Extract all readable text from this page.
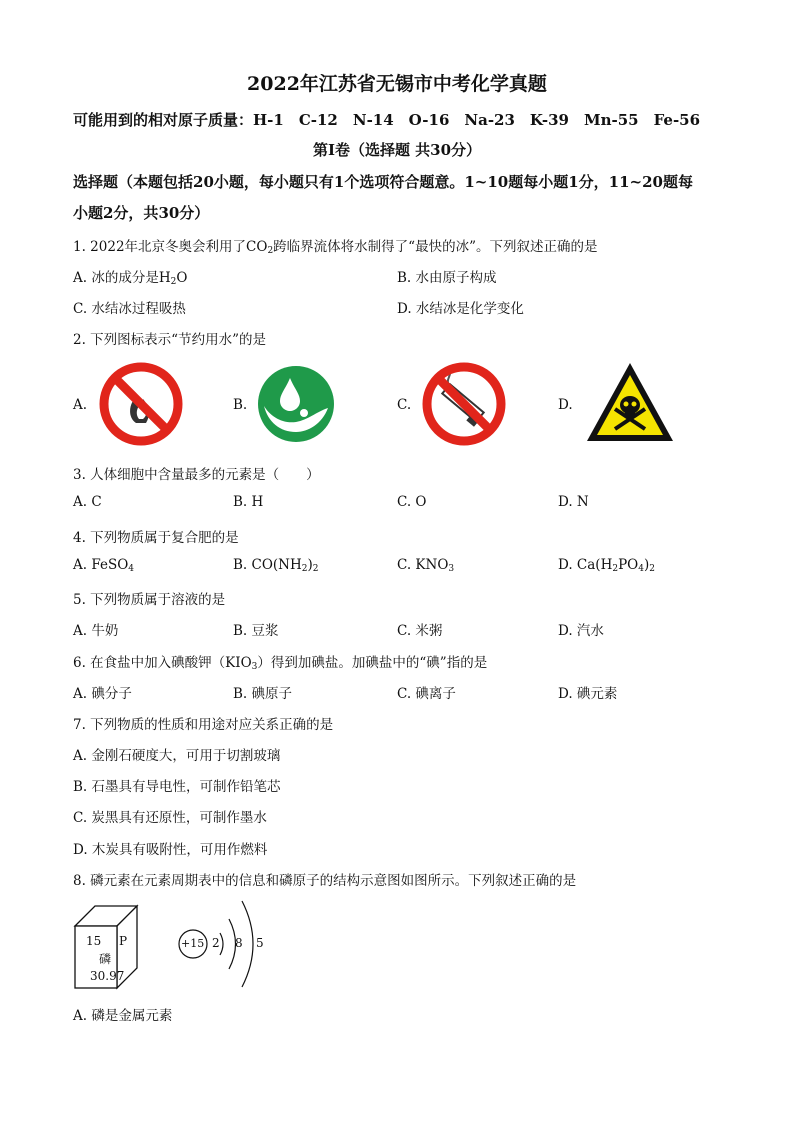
2022年江苏省无锡市中考化学真题
可能用到的相对原子质量：H-1　C-12　N-14　O-16　Na-23　K-39　Mn-55　Fe-56
第Ⅰ卷（选择题 共30分）
选择题（本题包括20小题，每小题只有1个选项符合题意。1~10题每小题1分，11~20题每
小题2分，共30分）
1. 2022年北京冬奥会利用了$CO_2$跨临界流体将水制得了“最快的冰”。下列叙述正确的是
A. 冰的成分是$H_2O$	B. 水由原子构成
C. 水结冰过程吸热	D. 水结冰是化学变化
2. 下列图标表示“节约用水”的是
A.	B.	C.	D.
3. 人体细胞中含量最多的元素是（　　）
A. C	B. H	C. O	D. N
4. 下列物质属于复合肥的是
A. FeSO$_4$	B. $CO(NH_2)_2$	C. $KNO_3$	D. $Ca(H_2PO_4)_2$
5. 下列物质属于溶液的是
A. 牛奶	B. 豆浆	C. 米粥	D. 汽水
6. 在食盐中加入碘酸钾$(KIO_3)$得到加碘盐。加碘盐中的“碘”指的是
A. 碘分子	B. 碘原子	C. 碘离子	D. 碘元素
7. 下列物质的性质和用途对应关系正确的是
A. 金刚石硬度大，可用于切割玻璃
B. 石墨具有导电性，可制作铅笔芯
C. 炭黑具有还原性，可制作墨水
D. 木炭具有吸附性，可用作燃料
8. 磷元素在元素周期表中的信息和磷原子的结构示意图如图所示。下列叙述正确的是
15 P
磷
30.97
+15 2 8 5
A. 磷是金属元素
